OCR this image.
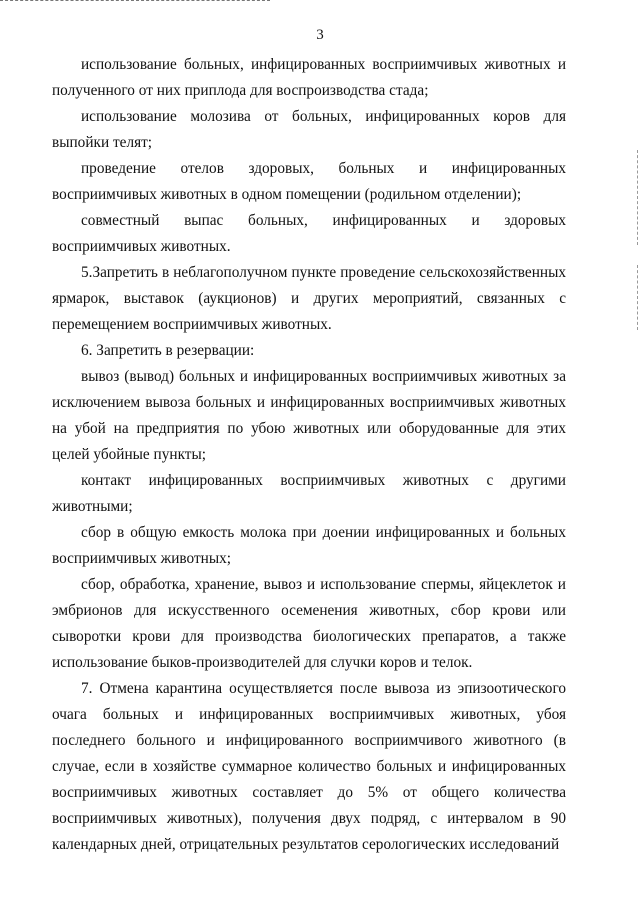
3

использование больных, инфицированных восприимчивых животных и полученного от них приплода для воспроизводства стада;

использование молозива от больных, инфицированных коров для выпойки телят;

проведение отелов здоровых, больных и инфицированных восприимчивых животных в одном помещении (родильном отделении);

совместный выпас больных, инфицированных и здоровых восприимчивых животных.

5.Запретить в неблагополучном пункте проведение сельскохозяйственных ярмарок, выставок (аукционов) и других мероприятий, связанных с перемещением восприимчивых животных.

6. Запретить в резервации:

вывоз (вывод) больных и инфицированных восприимчивых животных за исключением вывоза больных и инфицированных восприимчивых животных на убой на предприятия по убою животных или оборудованные для этих целей убойные пункты;

контакт инфицированных восприимчивых животных с другими животными;

сбор в общую емкость молока при доении инфицированных и больных восприимчивых животных;

сбор, обработка, хранение, вывоз и использование спермы, яйцеклеток и эмбрионов для искусственного осеменения животных, сбор крови или сыворотки крови для производства биологических препаратов, а также использование быков-производителей для случки коров и телок.

7. Отмена карантина осуществляется после вывоза из эпизоотического очага больных и инфицированных восприимчивых животных, убоя последнего больного и инфицированного восприимчивого животного (в случае, если в хозяйстве суммарное количество больных и инфицированных восприимчивых животных составляет до 5% от общего количества восприимчивых животных), получения двух подряд, с интервалом в 90 календарных дней, отрицательных результатов серологических исследований
